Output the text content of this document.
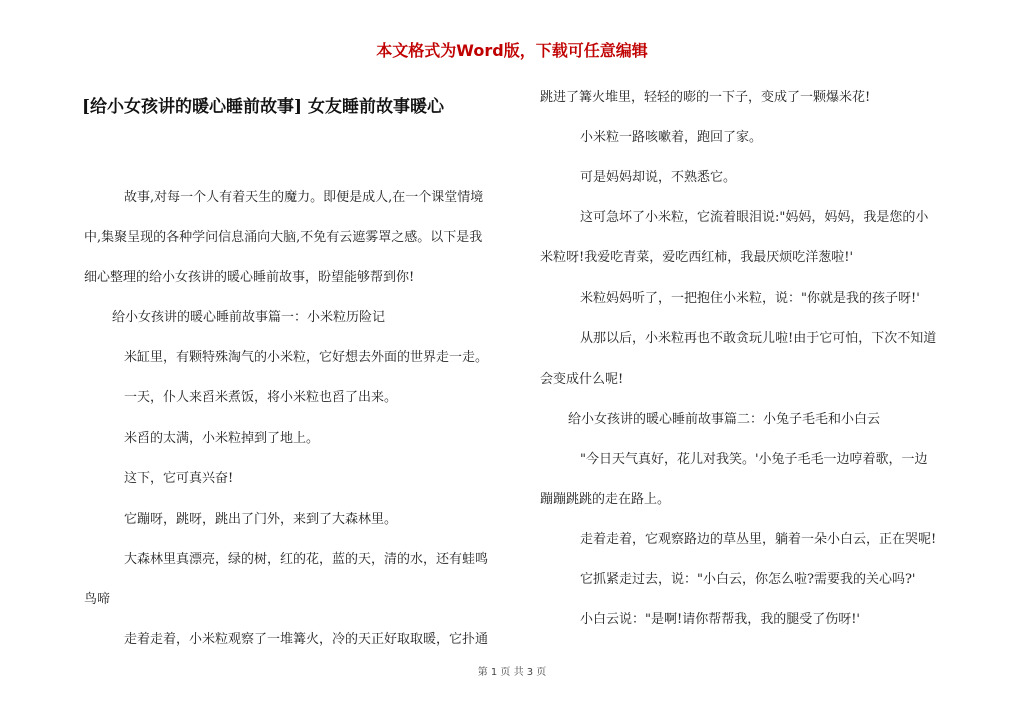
本文格式为Word版，下载可任意编辑
[给小女孩讲的暖心睡前故事] 女友睡前故事暖心

故事,对每一个人有着天生的魔力。即便是成人,在一个课堂情境

中,集聚呈现的各种学问信息涌向大脑,不免有云遮雾罩之感。以下是我

细心整理的给小女孩讲的暖心睡前故事，盼望能够帮到你!

给小女孩讲的暖心睡前故事篇一：小米粒历险记

米缸里，有颗特殊淘气的小米粒，它好想去外面的世界走一走。

一天，仆人来舀米煮饭，将小米粒也舀了出来。

米舀的太满，小米粒掉到了地上。

这下，它可真兴奋!

它蹦呀，跳呀，跳出了门外，来到了大森林里。

大森林里真漂亮，绿的树，红的花，蓝的天，清的水，还有蛙鸣

鸟啼

走着走着，小米粒观察了一堆篝火，冷的天正好取取暖，它扑通

跳进了篝火堆里，轻轻的嘭的一下子，变成了一颗爆米花!

小米粒一路咳嗽着，跑回了家。

可是妈妈却说，不熟悉它。

这可急坏了小米粒，它流着眼泪说:"妈妈，妈妈，我是您的小

米粒呀!我爱吃青菜，爱吃西红柿，我最厌烦吃洋葱啦!'

米粒妈妈听了，一把抱住小米粒，说："你就是我的孩子呀!'

从那以后，小米粒再也不敢贪玩儿啦!由于它可怕，下次不知道

会变成什么呢!

给小女孩讲的暖心睡前故事篇二：小兔子毛毛和小白云

"今日天气真好，花儿对我笑。'小兔子毛毛一边哼着歌，一边

蹦蹦跳跳的走在路上。

走着走着，它观察路边的草丛里，躺着一朵小白云，正在哭呢!

它抓紧走过去，说："小白云，你怎么啦?需要我的关心吗?'

小白云说："是啊!请你帮帮我，我的腿受了伤呀!'

第 1 页 共 3 页
